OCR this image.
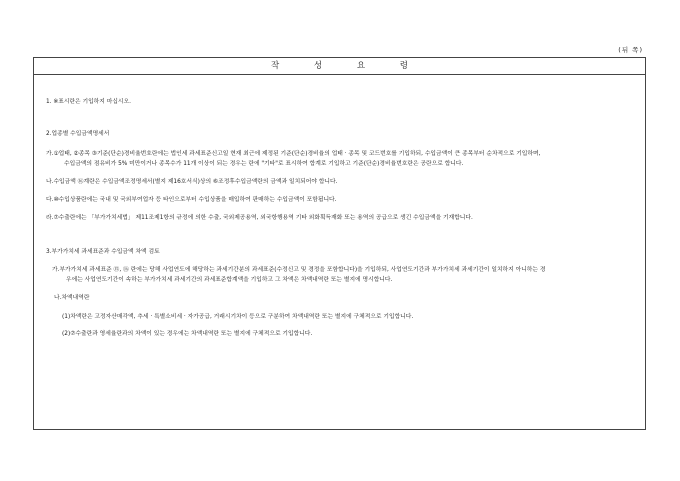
(뒤 쪽)
작 성 요 령
1. ※표시란은 기입하지 마십시오.
2.업종별 수입금액명세서
가.①업태, ②종목 ③기준(단순)경비율번호란에는 법인세 과세표준신고일 현재 최근에 제정된 기준(단순)경비율의 업태 · 종목 및 코드번호를 기입하되, 수입금액이 큰 종목부터 순차적으로 기입하며,
수입금액의 점유비가 5% 미만이거나 종목수가 11개 이상이 되는 경우는 란에 "기타"로 표시하여 합계로 기입하고 기준(단순)경비율번호란은 공란으로 합니다.
나.수입금액 ⑯계란은 수입금액조정명세서(별지 제16호서식)상의 ⑥조정후수입금액란의 금액과 일치되어야 합니다.
다.⑩수입상품란에는 국내 및 국외부여업자 등 타인으로부터 수입상품을 매입하여 판매하는 수입금액이 포함됩니다.
라.⑦수출란에는 「부가가치세법」 제11조제1항의 규정에 의한 수출, 국외제공용역, 외국항행용역 기타 외화획득재화 또는 용역의 공급으로 생긴 수입금액을 기재합니다.
3.부가가치세 과세표준과 수입금액 차액 검토
가.부가가치세 과세표준 ⑮, ⑯ 란에는 당해 사업연도에 해당하는 과세기간분의 과세표준(수정신고 및 경정을 포함합니다)을 기입하되, 사업연도기간과 부가가치세 과세기간이 일치하지 아니하는 경
우에는 사업연도기간이 속하는 부가가치세 과세기간의 과세표준합계액을 기입하고 그 차액은 차액내역란 또는 별지에 명시합니다.
나.차액내역란
(1)차액란은 고정자산매각액, 추세 · 특별소비세 · 자가공급, 거래시기차이 등으로 구분하여 차액내역란 또는 별지에 구체적으로 기입합니다.
(2)⑦수출란과 영세율란과의 차액이 있는 경우에는 차액내역란 또는 별지에 구체적으로 기입합니다.
